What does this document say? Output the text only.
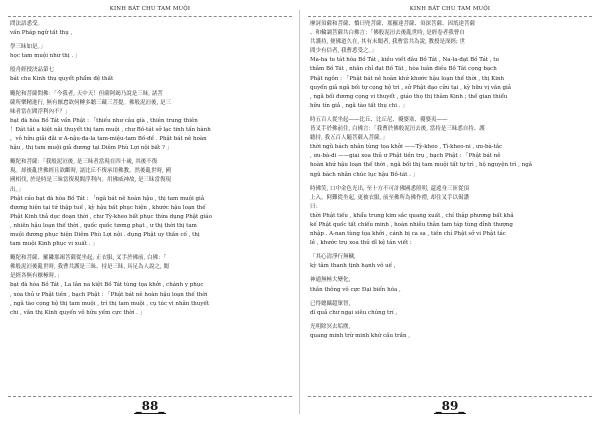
KINH BÁT CHU TAM MUỘI
問法語悉受。
vấn Pháp ngữ tất thụ ,
學三昧如是。」
học tam muội như thị . 」
般舟經授決品第七
bát chu Kinh thụ quyết phẩm đệ thất
颰陀和菩薩問佛：「今我者, 天中天！但薩阿竭乃說是三昧, 諸菩
薩所樂精進行, 無有厭怠欲何轉多聽三藏三菩提。佛般泥洹後, 是三
味者當在閻浮利內不？」
bạt đà hòa Bồ Tát vấn Phật : 「thiếu như câu già , thiên trung thiên
！Đát tát a kiệt nãi thuyết thị tam muội , chư Bồ-tát sở lạc tinh tấn hành
，vô hữu giải đãi ư A-nậu-đa-la tam-miệu-tam Bồ-đề . Phật bát nê hoàn
hậu , thị tam muội giả đương tại Diêm Phù Lợi nội bất ? 」
颰陀和菩薩：「我般泥洹後, 是三昧者當現在四十歲, 其後不復
現。却後亂世佛經且欲斷時, 諸比丘不復承用佛教。然後亂世時, 國
國相伐, 於是時是三昧當復現閻浮利內。用佛威神故, 是三昧當復現
出。」
Phật cáo bạt đà hòa Bồ Tát : 「ngã bát nê hoàn hậu , thị tam muội giả
đương hiện tại tứ thập tuế , kỳ hậu bất phục hiện , khước hậu loạn thế
Phật Kinh thả dục đoạn thời , chư Tỳ-kheo bất phục thừa dụng Phật giáo
, nhiên hậu loạn thế thời , quốc quốc tương phạt , ư thị thời thị tam
muội đương phục hiện Diêm Phù Lợi nội . dụng Phật uy thần cố , thị
tam muội Kinh phục vi xuất . 」
颰陀和菩薩、羅隣那竭菩薩從坐起, 正衣服, 叉手於佛前, 白佛：「
佛般泥洹後亂世時, 我曹共護是三昧、持是三昧, 具足為人說之, 聞
是經各無有厭極時。」
bạt đà hòa Bồ Tát , La lân na kiệt Bồ Tát tùng tọa khởi , chánh y phục
, xoa thủ ư Phật tiền , bạch Phật : 「Phật bát nê hoàn hậu loạn thế thời
, ngã tào cọng hộ thị tam muội , trì thị tam muội , cụ túc vi nhân thuyết
chi , văn thị Kinh quyển vô hữu yếm cực thời . 」
_88_
KINH BÁT CHU TAM MUỘI
摩訶須薩和菩薩、憍曰兜菩薩、那羅達菩薩、須深菩薩、因坻達菩薩
、和輪調菩薩共白佛言：「佛般泥洹去後亂世時, 是經卷者我曹自
共護持, 便佛道久在, 其有未聞者, 我曹當共為說, 教授是深經; 世
間少有信者, 我曹悉受之。」
Ma-ha tu tát hòa Bồ Tát , kiều viết đâu Bồ Tát , Na-la-đạt Bồ Tát , tu
thâm Bồ Tát , nhân chỉ đạt Bồ Tát , hòa luân điều Bồ Tát cọng bạch
Phật ngôn : 「Phật bát nê hoàn khứ khước hậu loạn thế thời , thị Kinh
quyển giả ngã bối tự cọng hộ trì , sử Phật đạo cửu tại , kỳ hữu vị văn giả
, ngã bối đương cọng vi thuyết , giáo thọ thị thâm Kinh ; thế gian thiểu
hữu tín giả , ngã tào tất thụ chi . 」
時五百人從坐起——比丘、比丘尼、優婆塞、優婆夷——
皆叉手於佛前住, 白佛言：「我曹於佛般泥洹去後, 當持是三昧悉自持、護
聽持, 我五百人隨菩薩入菩薩。」
thời ngũ bách nhân tùng tọa khởi ——Tỳ-kheo , Tì-kheo-ni , ưu-bà-tắc
, ưu-bà-di ——giai xoa thủ ư Phật tiền trụ , bạch Phật : 「Phật bát nê
hoàn khứ hậu loạn thế thời , ngã bối thị tam muội tất tự trì , hộ nguyện trì , ngã
ngũ bách nhân chúc lục hậu Bồ-tát . 」
時佛笑, 口中金色光出, 至十方不可計佛國悉照明, 還遶身三匝從頂
上入。阿難從坐起, 更被衣服, 前至佛所為佛作禮, 却住叉手以偈讚
曰：
thời Phật tiếu , khẩu trung kim sắc quang xuất , chí thập phương bất khả
kế Phật quốc tất chiếu minh , hoàn nhiễu thân tam táp tùng đỉnh thượng
nhập . A-nan tùng tọa khởi , cánh bị ca sa , tiền chí Phật sở vi Phật tác
lễ , khước trụ xoa thủ dĩ kệ tán viết :
「其心清淨行無穢,
kỳ tâm thanh tịnh hạnh vô uế ,
神通無極大變化,
thần thông vô cực Đại biến hóa ,
已得總攝超眾智,
dĩ quả chư ngại siêu chúng trí ,
光明除冥去垢塵,
quang minh trừ minh khứ cấu trần ,
_89_
